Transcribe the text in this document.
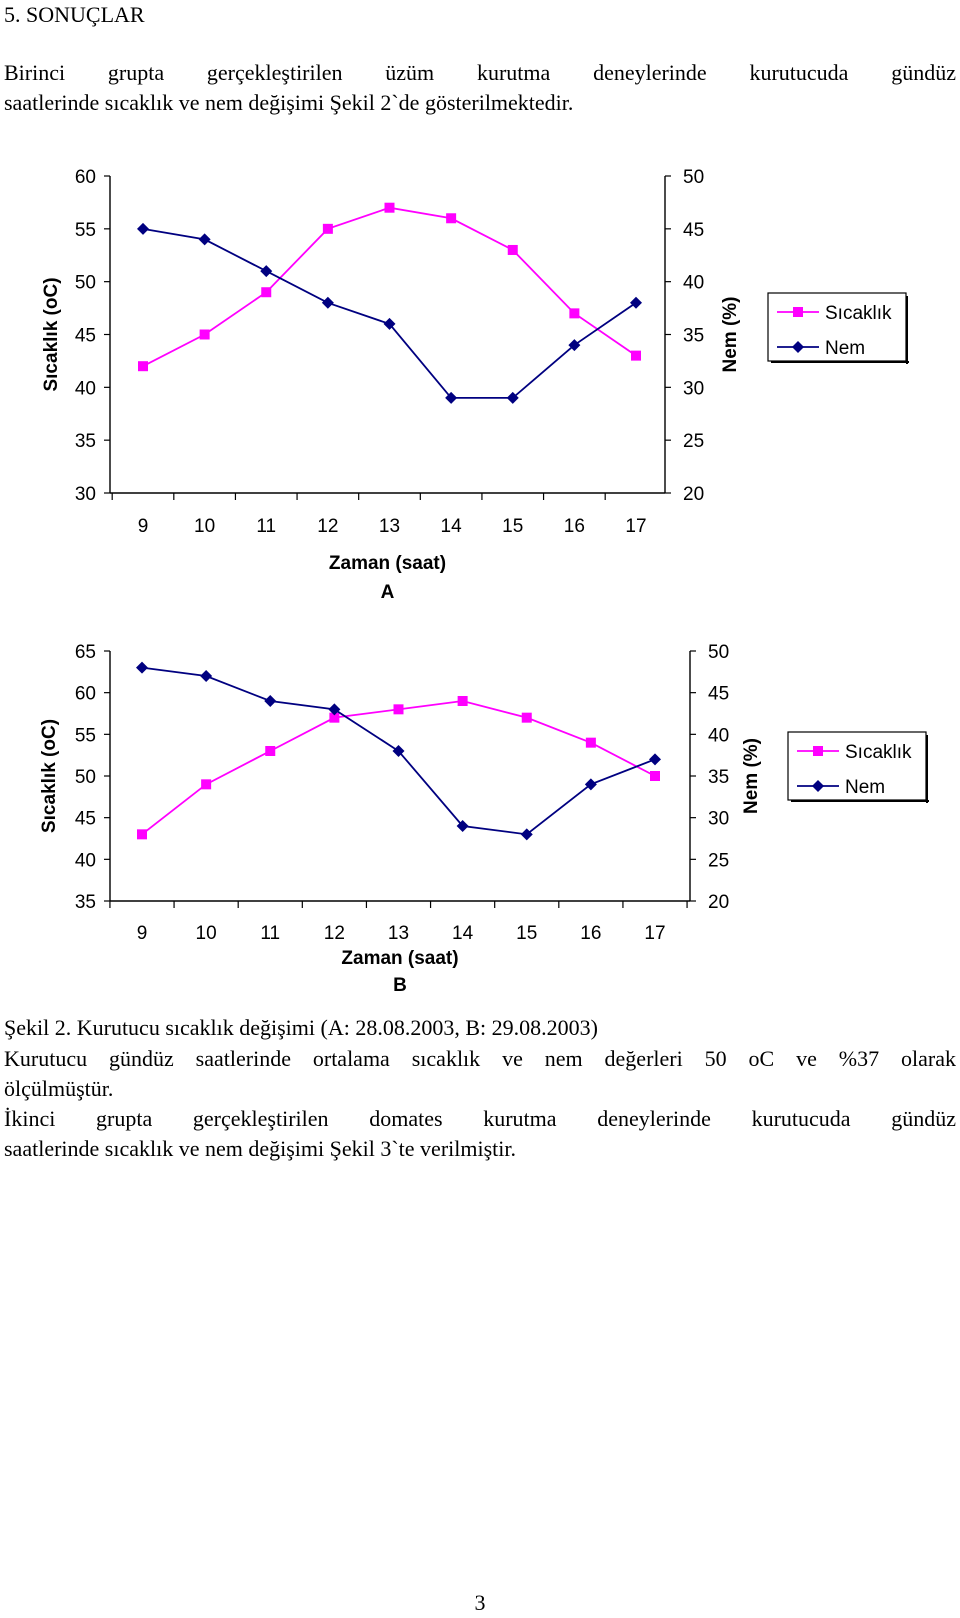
5. SONUÇLAR
Birinci grupta gerçekleştirilen üzüm kurutma deneylerinde kurutucuda gündüz
saatlerinde sıcaklık ve nem değişimi Şekil 2`de gösterilmektedir.
60
55
50
45
40
35
30
50
45
40
35
30
25
20
9 10 11 12 13 14 15 16 17
Zaman (saat)
A
Sıcaklık (oC)	Nem (%)	Sıcaklık
Nem
65
60
55
50
45
40
35
50
45
40
35
30
25
20
9	10 11 12 13 14 15 16 17
Zaman (saat)
B
Sıcaklık (oC)	Nem (%)	Sıcaklık
Nem
Şekil 2. Kurutucu sıcaklık değişimi (A: 28.08.2003, B: 29.08.2003)
Kurutucu gündüz saatlerinde ortalama sıcaklık ve nem değerleri 50 oC ve %37 olarak
ölçülmüştür.
İkinci grupta gerçekleştirilen domates kurutma deneylerinde kurutucuda gündüz
saatlerinde sıcaklık ve nem değişimi Şekil 3`te verilmiştir.
3
